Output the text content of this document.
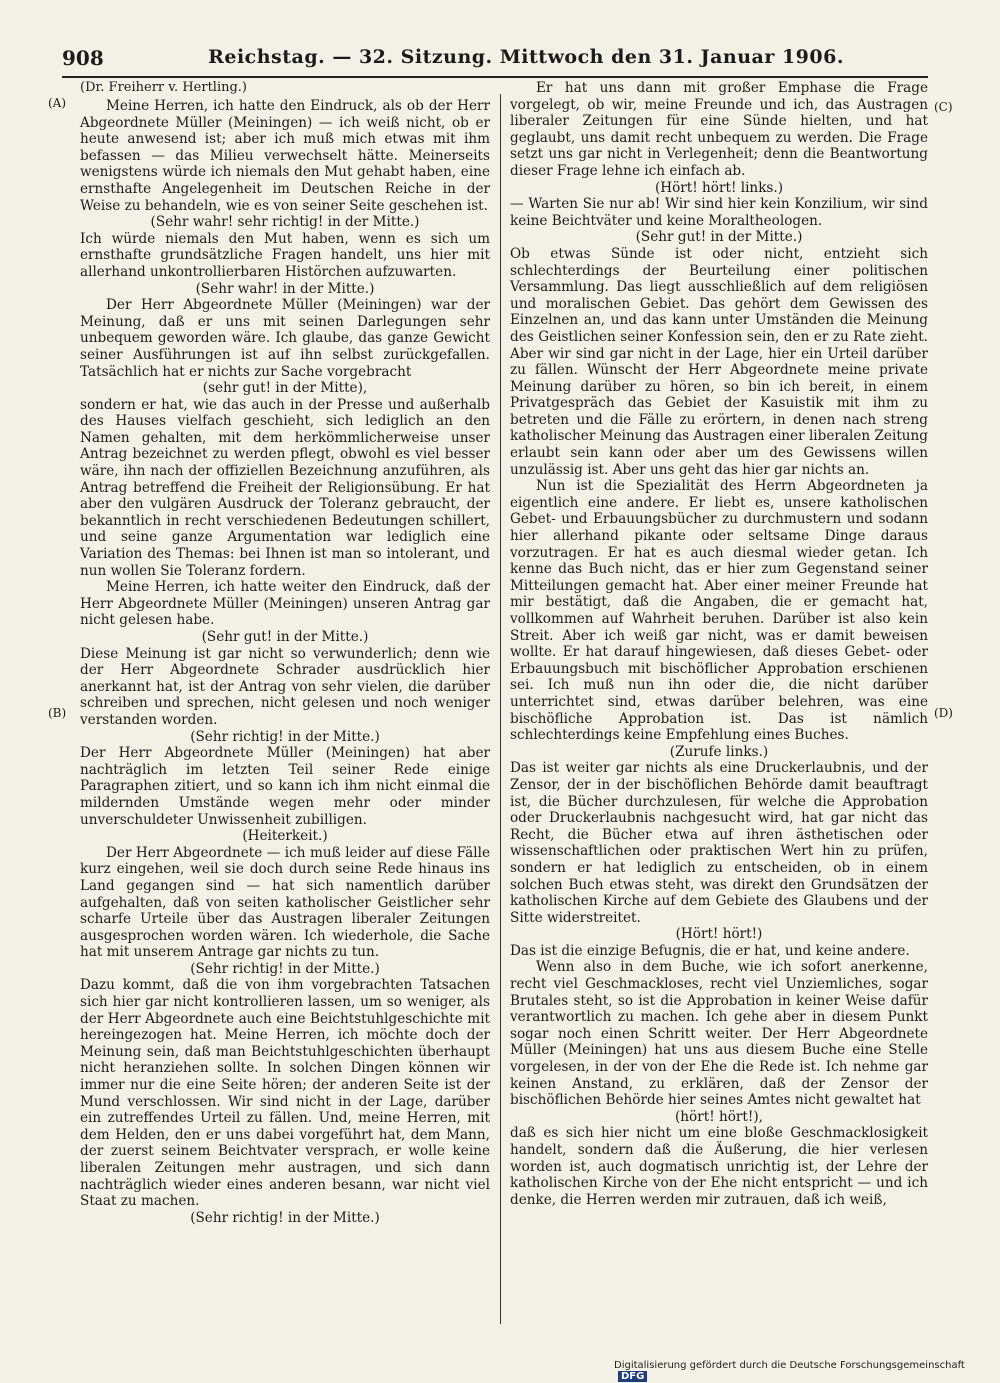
908	Reichstag. — 32. Sitzung. Mittwoch den 31. Januar 1906.
(A)
(B)
(C)
(D)
(Dr. Freiherr v. Hertling.)

Meine Herren, ich hatte den Eindruck, als ob der Herr Abgeordnete Müller (Meiningen) — ich weiß nicht, ob er heute anwesend ist; aber ich muß mich etwas mit ihm befassen — das Milieu verwechselt hätte. Meinerseits wenigstens würde ich niemals den Mut gehabt haben, eine ernsthafte Angelegenheit im Deutschen Reiche in der Weise zu behandeln, wie es von seiner Seite geschehen ist.

(Sehr wahr! sehr richtig! in der Mitte.)

Ich würde niemals den Mut haben, wenn es sich um ernsthafte grundsätzliche Fragen handelt, uns hier mit allerhand unkontrollierbaren Histörchen aufzuwarten.

(Sehr wahr! in der Mitte.)

Der Herr Abgeordnete Müller (Meiningen) war der Meinung, daß er uns mit seinen Darlegungen sehr unbequem geworden wäre. Ich glaube, das ganze Gewicht seiner Ausführungen ist auf ihn selbst zurückgefallen. Tatsächlich hat er nichts zur Sache vorgebracht

(sehr gut! in der Mitte),

sondern er hat, wie das auch in der Presse und außerhalb des Hauses vielfach geschieht, sich lediglich an den Namen gehalten, mit dem herkömmlicherweise unser Antrag bezeichnet zu werden pflegt, obwohl es viel besser wäre, ihn nach der offiziellen Bezeichnung anzuführen, als Antrag betreffend die Freiheit der Religionsübung. Er hat aber den vulgären Ausdruck der Toleranz gebraucht, der bekanntlich in recht verschiedenen Bedeutungen schillert, und seine ganze Argumentation war lediglich eine Variation des Themas: bei Ihnen ist man so intolerant, und nun wollen Sie Toleranz fordern.

Meine Herren, ich hatte weiter den Eindruck, daß der Herr Abgeordnete Müller (Meiningen) unseren Antrag gar nicht gelesen habe.

(Sehr gut! in der Mitte.)

Diese Meinung ist gar nicht so verwunderlich; denn wie der Herr Abgeordnete Schrader ausdrücklich hier anerkannt hat, ist der Antrag von sehr vielen, die darüber schreiben und sprechen, nicht gelesen und noch weniger verstanden worden.

(Sehr richtig! in der Mitte.)

Der Herr Abgeordnete Müller (Meiningen) hat aber nachträglich im letzten Teil seiner Rede einige Paragraphen zitiert, und so kann ich ihm nicht einmal die mildernden Umstände wegen mehr oder minder unverschuldeter Unwissenheit zubilligen.

(Heiterkeit.)

Der Herr Abgeordnete — ich muß leider auf diese Fälle kurz eingehen, weil sie doch durch seine Rede hinaus ins Land gegangen sind — hat sich namentlich darüber aufgehalten, daß von seiten katholischer Geistlicher sehr scharfe Urteile über das Austragen liberaler Zeitungen ausgesprochen worden wären. Ich wiederhole, die Sache hat mit unserem Antrage gar nichts zu tun.

(Sehr richtig! in der Mitte.)

Dazu kommt, daß die von ihm vorgebrachten Tatsachen sich hier gar nicht kontrollieren lassen, um so weniger, als der Herr Abgeordnete auch eine Beichtstuhlgeschichte mit hereingezogen hat. Meine Herren, ich möchte doch der Meinung sein, daß man Beichtstuhlgeschichten überhaupt nicht heranziehen sollte. In solchen Dingen können wir immer nur die eine Seite hören; der anderen Seite ist der Mund verschlossen. Wir sind nicht in der Lage, darüber ein zutreffendes Urteil zu fällen. Und, meine Herren, mit dem Helden, den er uns dabei vorgeführt hat, dem Mann, der zuerst seinem Beichtvater versprach, er wolle keine liberalen Zeitungen mehr austragen, und sich dann nachträglich wieder eines anderen besann, war nicht viel Staat zu machen.

(Sehr richtig! in der Mitte.)

Er hat uns dann mit großer Emphase die Frage vorgelegt, ob wir, meine Freunde und ich, das Austragen liberaler Zeitungen für eine Sünde hielten, und hat geglaubt, uns damit recht unbequem zu werden. Die Frage setzt uns gar nicht in Verlegenheit; denn die Beantwortung dieser Frage lehne ich einfach ab.

(Hört! hört! links.)

— Warten Sie nur ab! Wir sind hier kein Konzilium, wir sind keine Beichtväter und keine Moraltheologen.

(Sehr gut! in der Mitte.)

Ob etwas Sünde ist oder nicht, entzieht sich schlechterdings der Beurteilung einer politischen Versammlung. Das liegt ausschließlich auf dem religiösen und moralischen Gebiet. Das gehört dem Gewissen des Einzelnen an, und das kann unter Umständen die Meinung des Geistlichen seiner Konfession sein, den er zu Rate zieht. Aber wir sind gar nicht in der Lage, hier ein Urteil darüber zu fällen. Wünscht der Herr Abgeordnete meine private Meinung darüber zu hören, so bin ich bereit, in einem Privatgespräch das Gebiet der Kasuistik mit ihm zu betreten und die Fälle zu erörtern, in denen nach streng katholischer Meinung das Austragen einer liberalen Zeitung erlaubt sein kann oder aber um des Gewissens willen unzulässig ist. Aber uns geht das hier gar nichts an.

Nun ist die Spezialität des Herrn Abgeordneten ja eigentlich eine andere. Er liebt es, unsere katholischen Gebet- und Erbauungsbücher zu durchmustern und sodann hier allerhand pikante oder seltsame Dinge daraus vorzutragen. Er hat es auch diesmal wieder getan. Ich kenne das Buch nicht, das er hier zum Gegenstand seiner Mitteilungen gemacht hat. Aber einer meiner Freunde hat mir bestätigt, daß die Angaben, die er gemacht hat, vollkommen auf Wahrheit beruhen. Darüber ist also kein Streit. Aber ich weiß gar nicht, was er damit beweisen wollte. Er hat darauf hingewiesen, daß dieses Gebet- oder Erbauungsbuch mit bischöflicher Approbation erschienen sei. Ich muß nun ihn oder die, die nicht darüber unterrichtet sind, etwas darüber belehren, was eine bischöfliche Approbation ist. Das ist nämlich schlechterdings keine Empfehlung eines Buches.

(Zurufe links.)

Das ist weiter gar nichts als eine Druckerlaubnis, und der Zensor, der in der bischöflichen Behörde damit beauftragt ist, die Bücher durchzulesen, für welche die Approbation oder Druckerlaubnis nachgesucht wird, hat gar nicht das Recht, die Bücher etwa auf ihren ästhetischen oder wissenschaftlichen oder praktischen Wert hin zu prüfen, sondern er hat lediglich zu entscheiden, ob in einem solchen Buch etwas steht, was direkt den Grundsätzen der katholischen Kirche auf dem Gebiete des Glaubens und der Sitte widerstreitet.

(Hört! hört!)

Das ist die einzige Befugnis, die er hat, und keine andere.

Wenn also in dem Buche, wie ich sofort anerkenne, recht viel Geschmackloses, recht viel Unziemliches, sogar Brutales steht, so ist die Approbation in keiner Weise dafür verantwortlich zu machen. Ich gehe aber in diesem Punkt sogar noch einen Schritt weiter. Der Herr Abgeordnete Müller (Meiningen) hat uns aus diesem Buche eine Stelle vorgelesen, in der von der Ehe die Rede ist. Ich nehme gar keinen Anstand, zu erklären, daß der Zensor der bischöflichen Behörde hier seines Amtes nicht gewaltet hat

(hört! hört!),

daß es sich hier nicht um eine bloße Geschmacklosigkeit handelt, sondern daß die Äußerung, die hier verlesen worden ist, auch dogmatisch unrichtig ist, der Lehre der katholischen Kirche von der Ehe nicht entspricht — und ich denke, die Herren werden mir zutrauen, daß ich weiß,

Digitalisierung gefördert durch die Deutsche Forschungsgemeinschaft DFG
